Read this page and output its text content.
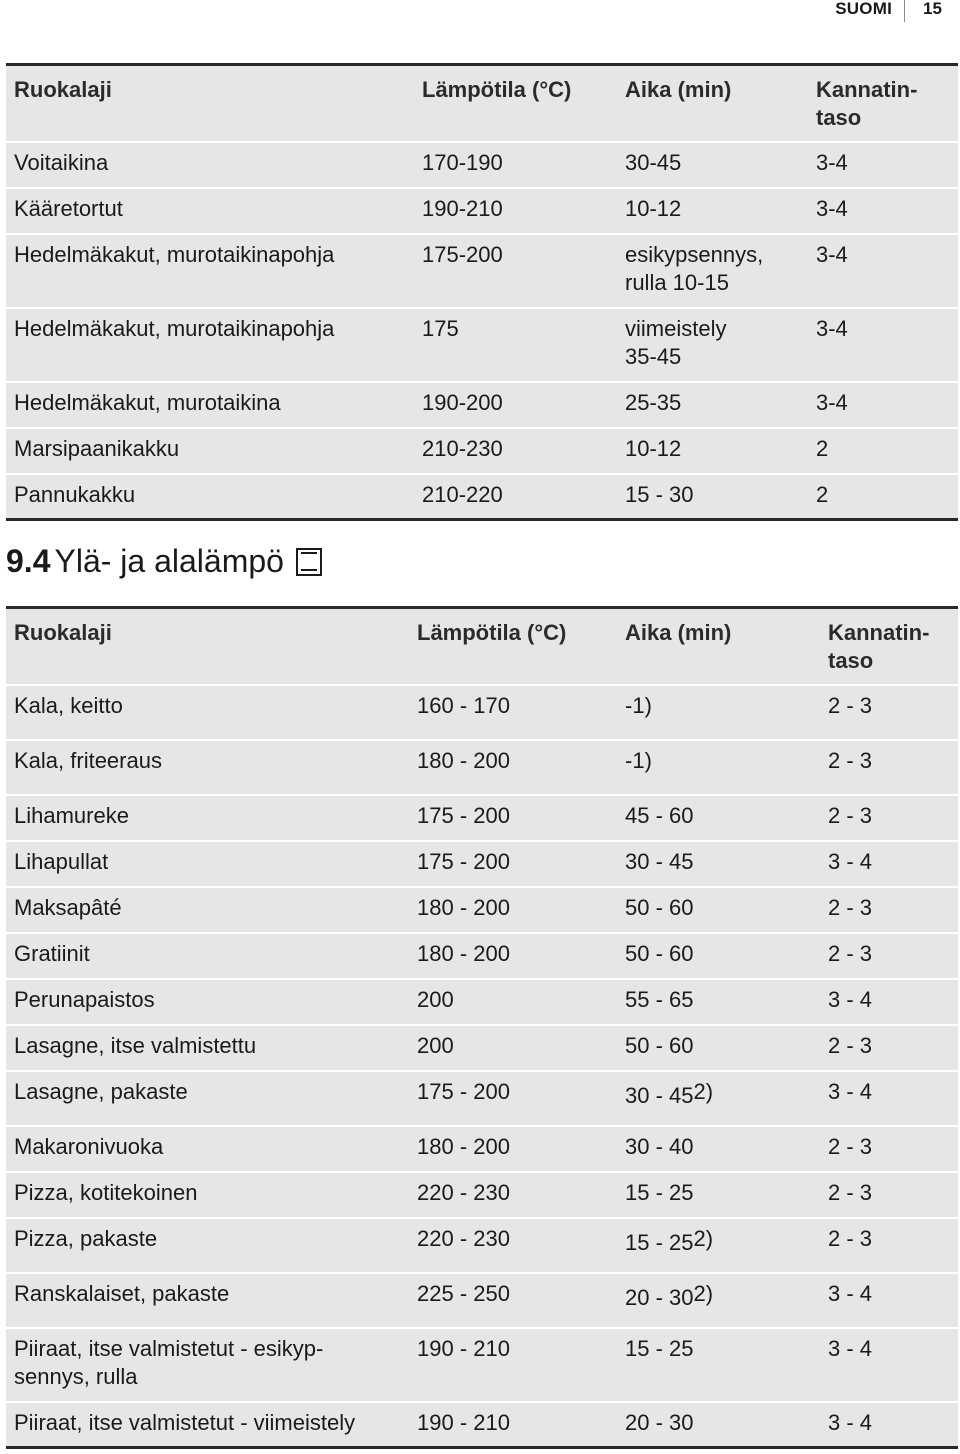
SUOMI	15
Ruokalaji	Lämpötila (°C)	Aika (min)	Kannatin-
taso
Voitaikina	170-190	30-45	3-4
Kääretortut	190-210	10-12	3-4
Hedelmäkakut, murotaikinapohja	175-200	esikypsennys,
rulla 10-15	3-4
Hedelmäkakut, murotaikinapohja	175	viimeistely
35-45	3-4
Hedelmäkakut, murotaikina	190-200	25-35	3-4
Marsipaanikakku	210-230	10-12	2
Pannukakku	210-220	15 - 30	2
9.4 Ylä- ja alalämpö
Ruokalaji	Lämpötila (°C)	Aika (min)	Kannatin-
taso
Kala, keitto	160 - 170	-1)	2 - 3
Kala, friteeraus	180 - 200	-1)	2 - 3
Lihamureke	175 - 200	45 - 60	2 - 3
Lihapullat	175 - 200	30 - 45	3 - 4
Maksapâté	180 - 200	50 - 60	2 - 3
Gratiinit	180 - 200	50 - 60	2 - 3
Perunapaistos	200	55 - 65	3 - 4
Lasagne, itse valmistettu	200	50 - 60	2 - 3
Lasagne, pakaste	175 - 200	30 - 452)	3 - 4
Makaronivuoka	180 - 200	30 - 40	2 - 3
Pizza, kotitekoinen	220 - 230	15 - 25	2 - 3
Pizza, pakaste	220 - 230	15 - 252)	2 - 3
Ranskalaiset, pakaste	225 - 250	20 - 302)	3 - 4
Piiraat, itse valmistetut - esikyp-
sennys, rulla	190 - 210	15 - 25	3 - 4
Piiraat, itse valmistetut - viimeistely	190 - 210	20 - 30	3 - 4
